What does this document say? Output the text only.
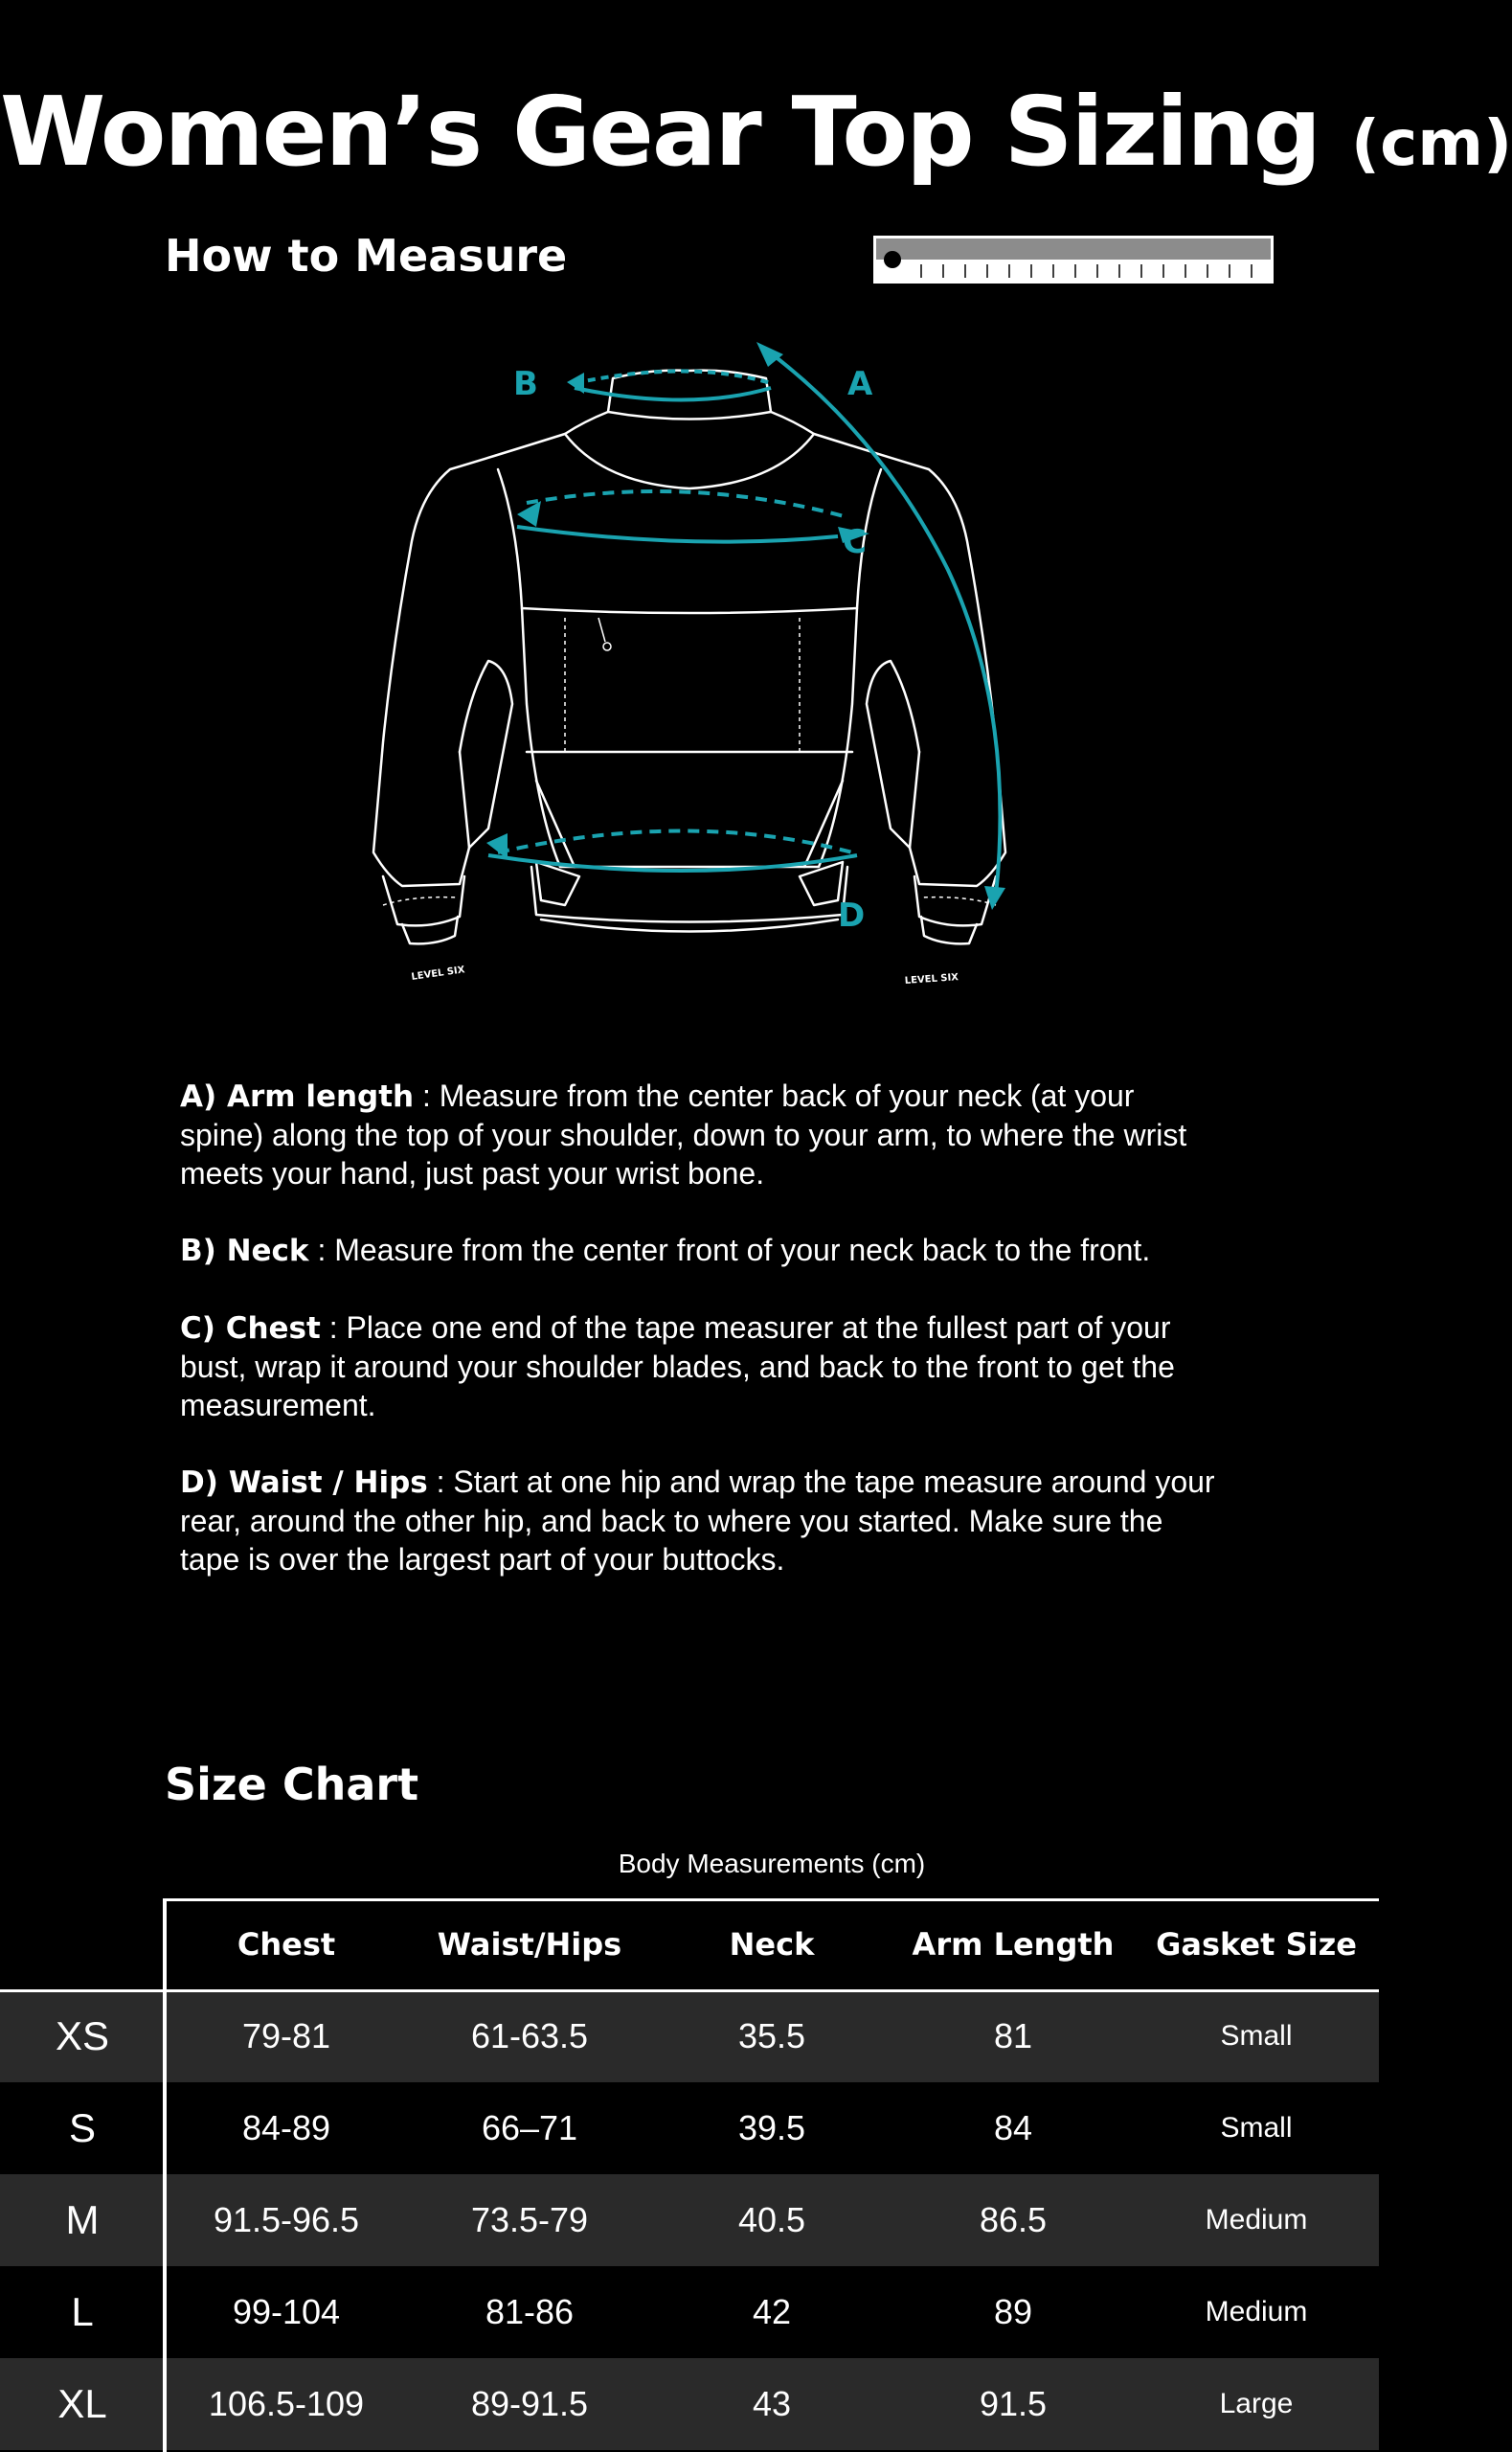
Women’s Gear Top Sizing (cm)
How to Measure
LEVEL SIX	LEVEL SIX
B	A
C
D

A) Arm length : Measure from the center back of your neck (at your spine) along the top of your shoulder, down to your arm, to where the wrist meets your hand, just past your wrist bone.

B) Neck : Measure from the center front of your neck back to the front.

C) Chest : Place one end of the tape measurer at the fullest part of your bust, wrap it around your shoulder blades, and back to the front to get the measurement.

D) Waist / Hips : Start at one hip and wrap the tape measure around your rear, around the other hip, and back to where you started. Make sure the tape is over the largest part of your buttocks.

Size Chart
Body Measurements (cm)
Chest	Waist/Hips	Neck	Arm Length	Gasket Size
XS	79-81	61-63.5	35.5	81	Small
S	84-89	66–71	39.5	84	Small
M	91.5-96.5	73.5-79	40.5	86.5	Medium
L	99-104	81-86	42	89	Medium
XL	106.5-109	89-91.5	43	91.5	Large
